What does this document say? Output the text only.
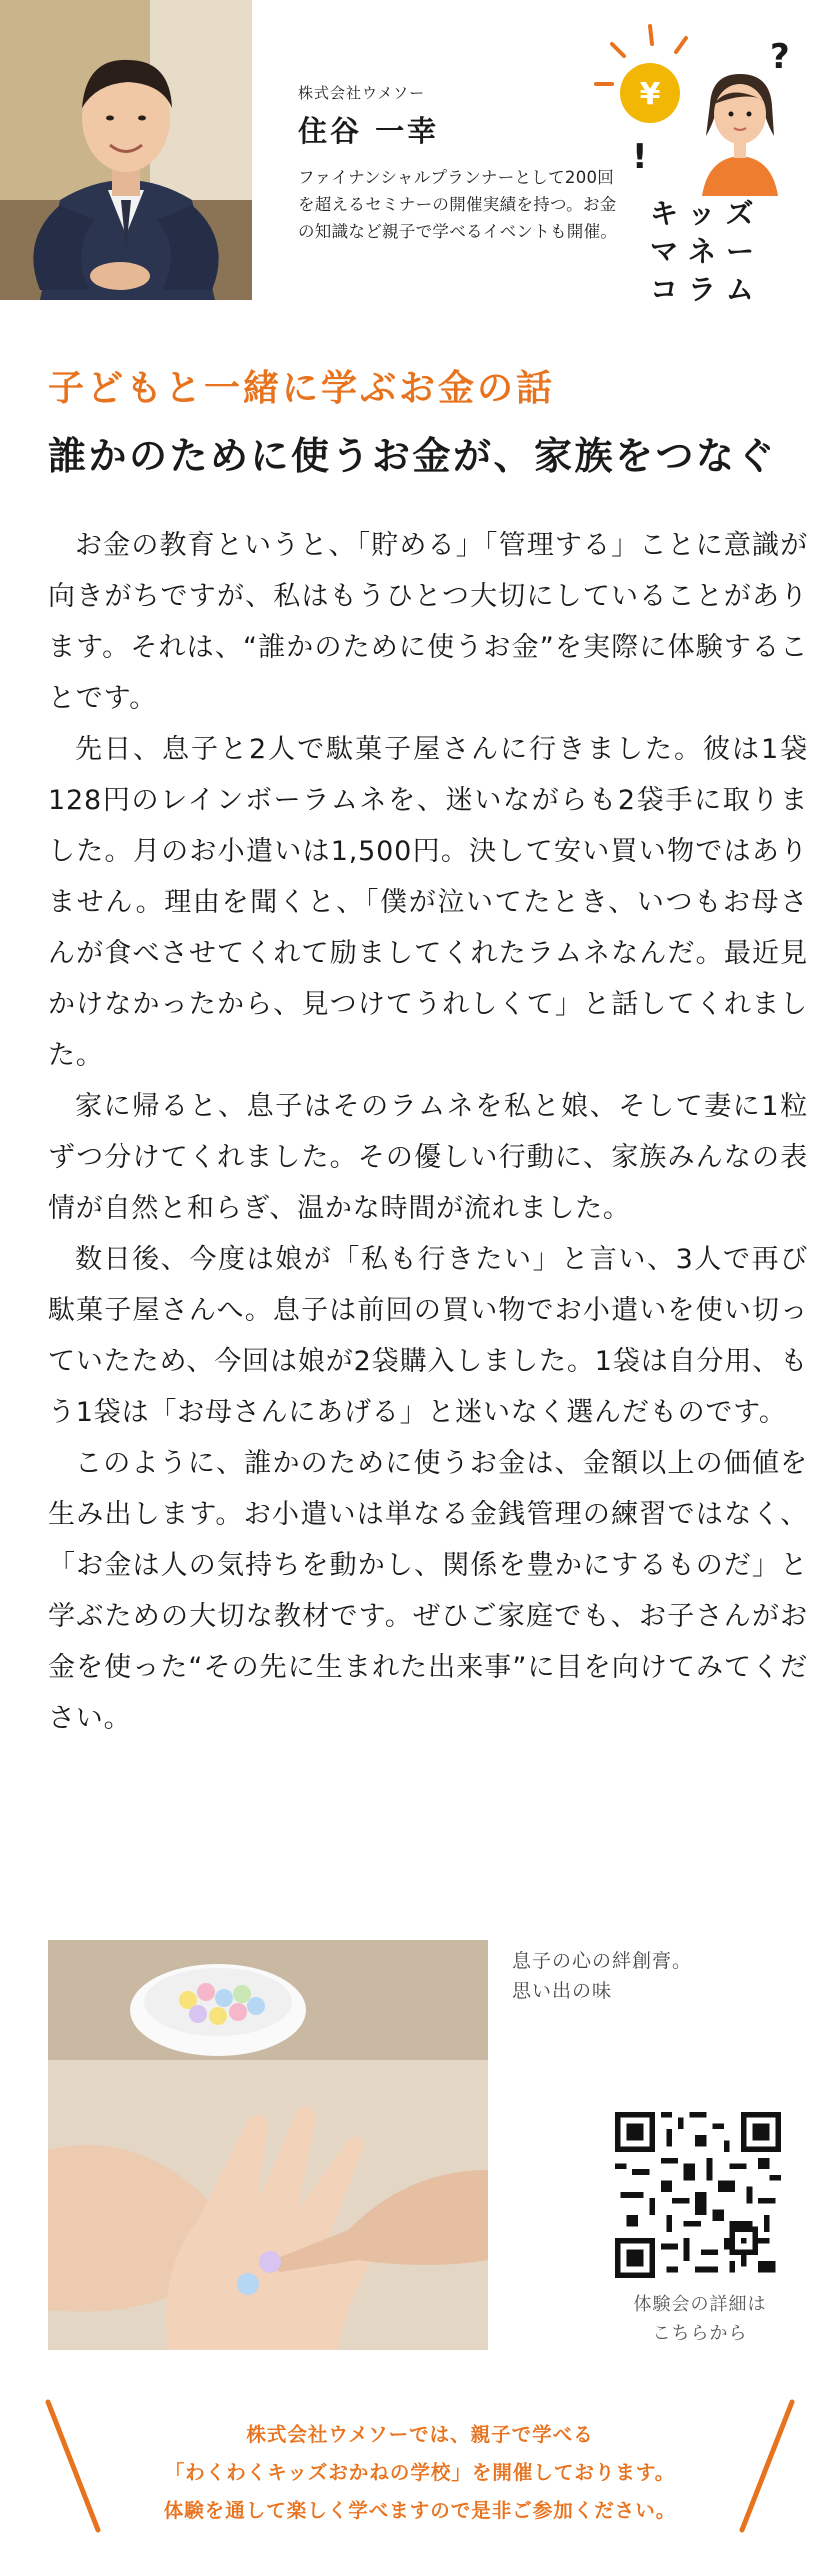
株式会社ウメソー
住谷 一幸
ファイナンシャルプランナーとして200回を超えるセミナーの開催実績を持つ。お金の知識など親子で学べるイベントも開催。
¥
!
?
キッズ
マネー
コラム
子どもと一緒に学ぶお金の話
誰かのために使うお金が、家族をつなぐ

お金の教育というと、「貯める」「管理する」ことに意識が向きがちですが、私はもうひとつ大切にしていることがあります。それは、“誰かのために使うお金”を実際に体験することです。

先日、息子と2人で駄菓子屋さんに行きました。彼は1袋128円のレインボーラムネを、迷いながらも2袋手に取りました。月のお小遣いは1,500円。決して安い買い物ではありません。理由を聞くと、「僕が泣いてたとき、いつもお母さんが食べさせてくれて励ましてくれたラムネなんだ。最近見かけなかったから、見つけてうれしくて」と話してくれました。

家に帰ると、息子はそのラムネを私と娘、そして妻に1粒ずつ分けてくれました。その優しい行動に、家族みんなの表情が自然と和らぎ、温かな時間が流れました。

数日後、今度は娘が「私も行きたい」と言い、3人で再び駄菓子屋さんへ。息子は前回の買い物でお小遣いを使い切っていたため、今回は娘が2袋購入しました。1袋は自分用、もう1袋は「お母さんにあげる」と迷いなく選んだものです。

このように、誰かのために使うお金は、金額以上の価値を生み出します。お小遣いは単なる金銭管理の練習ではなく、「お金は人の気持ちを動かし、関係を豊かにするものだ」と学ぶための大切な教材です。ぜひご家庭でも、お子さんがお金を使った“その先に生まれた出来事”に目を向けてみてください。

息子の心の絆創膏。
思い出の味
体験会の詳細は
こちらから
株式会社ウメソーでは、親子で学べる
「わくわくキッズおかねの学校」を開催しております。
体験を通して楽しく学べますので是非ご参加ください。
